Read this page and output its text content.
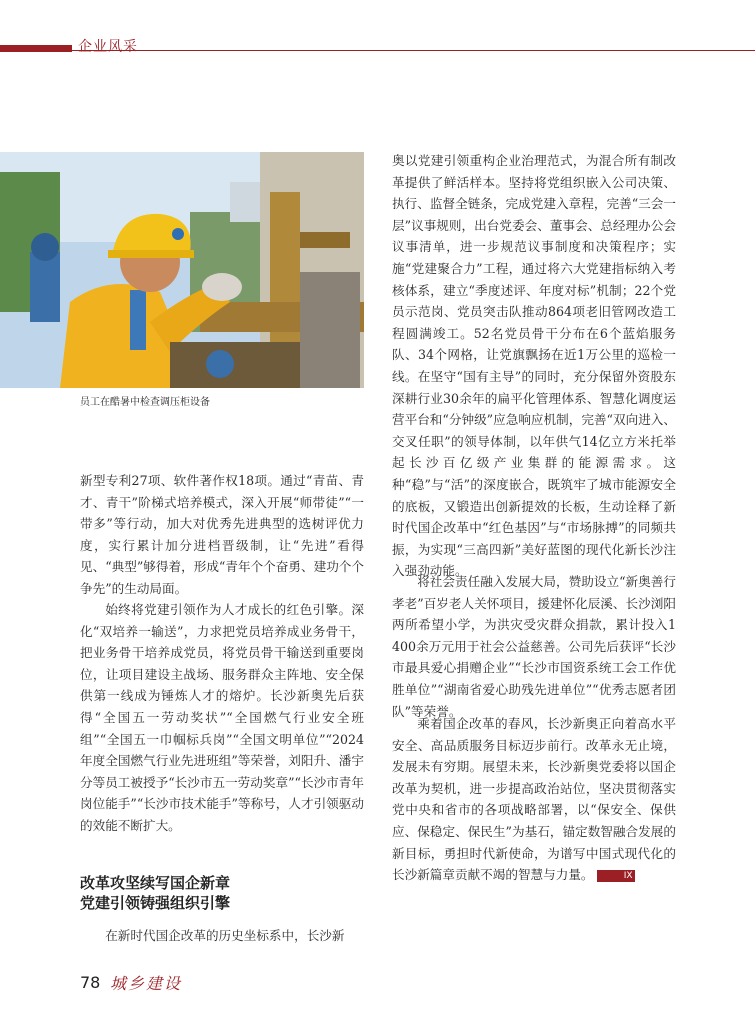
企业风采
员工在酷暑中检查调压柜设备

新型专利27项、软件著作权18项。通过“青苗、青才、青干”阶梯式培养模式，深入开展“师带徒”“一带多”等行动，加大对优秀先进典型的选树评优力度，实行累计加分进档晋级制，让“先进”看得见、“典型”够得着，形成“青年个个奋勇、建功个个争先”的生动局面。

始终将党建引领作为人才成长的红色引擎。深化“双培养一输送”，力求把党员培养成业务骨干，把业务骨干培养成党员，将党员骨干输送到重要岗位，让项目建设主战场、服务群众主阵地、安全保供第一线成为锤炼人才的熔炉。长沙新奥先后获得“全国五一劳动奖状”“全国燃气行业安全班组”“全国五一巾帼标兵岗”“全国文明单位”“2024年度全国燃气行业先进班组”等荣誉，刘阳升、潘宇分等员工被授予“长沙市五一劳动奖章”“长沙市青年岗位能手”“长沙市技术能手”等称号，人才引领驱动的效能不断扩大。

改革攻坚续写国企新章
党建引领铸强组织引擎

在新时代国企改革的历史坐标系中，长沙新

奥以党建引领重构企业治理范式，为混合所有制改革提供了鲜活样本。坚持将党组织嵌入公司决策、执行、监督全链条，完成党建入章程，完善“三会一层”议事规则，出台党委会、董事会、总经理办公会议事清单，进一步规范议事制度和决策程序；实施“党建聚合力”工程，通过将六大党建指标纳入考核体系，建立“季度述评、年度对标”机制；22个党员示范岗、党员突击队推动864项老旧管网改造工程圆满竣工。52名党员骨干分布在6个蓝焰服务队、34个网格，让党旗飘扬在近1万公里的巡检一线。在坚守“国有主导”的同时，充分保留外资股东深耕行业30余年的扁平化管理体系、智慧化调度运营平台和“分钟级”应急响应机制，完善“双向进入、交叉任职”的领导体制，以年供气14亿立方米托举起长沙百亿级产业集群的能源需求。这种“稳”与“活”的深度嵌合，既筑牢了城市能源安全的底板，又锻造出创新提效的长板，生动诠释了新时代国企改革中“红色基因”与“市场脉搏”的同频共振，为实现“三高四新”美好蓝图的现代化新长沙注入强劲动能。

将社会责任融入发展大局，赞助设立“新奥善行孝老”百岁老人关怀项目，援建怀化辰溪、长沙浏阳两所希望小学，为洪灾受灾群众捐款，累计投入1 400余万元用于社会公益慈善。公司先后获评“长沙市最具爱心捐赠企业”“长沙市国资系统工会工作优胜单位”“湖南省爱心助残先进单位”“优秀志愿者团队”等荣誉。

乘着国企改革的春风，长沙新奥正向着高水平安全、高品质服务目标迈步前行。改革永无止境，发展未有穷期。展望未来，长沙新奥党委将以国企改革为契机，进一步提高政治站位，坚决贯彻落实党中央和省市的各项战略部署，以“保安全、保供应、保稳定、保民生”为基石，锚定数智融合发展的新目标，勇担时代新使命，为谱写中国式现代化的长沙新篇章贡献不竭的智慧与力量。	IX

78 城乡建设
